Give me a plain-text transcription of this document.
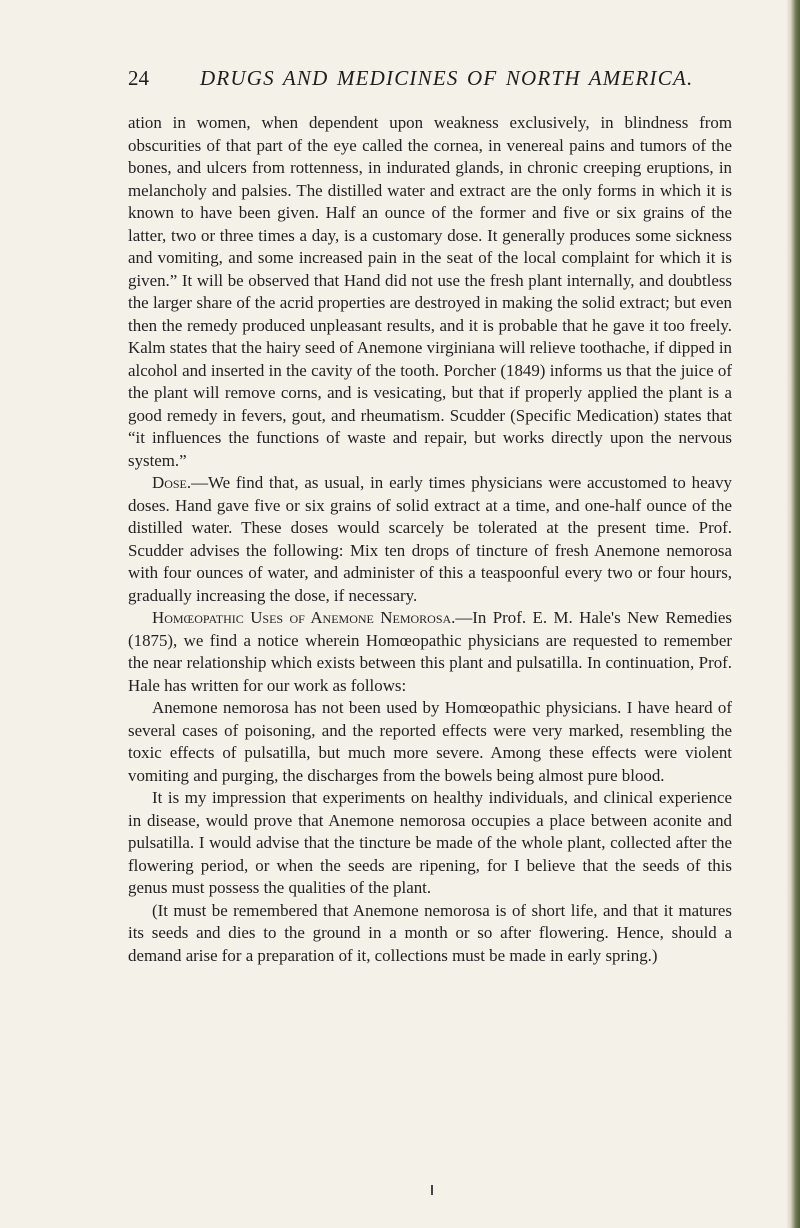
24 DRUGS AND MEDICINES OF NORTH AMERICA.

ation in women, when dependent upon weakness exclusively, in blindness from obscurities of that part of the eye called the cornea, in venereal pains and tumors of the bones, and ulcers from rottenness, in indurated glands, in chronic creeping eruptions, in melancholy and palsies. The distilled water and extract are the only forms in which it is known to have been given. Half an ounce of the former and five or six grains of the latter, two or three times a day, is a customary dose. It generally produces some sickness and vomiting, and some increased pain in the seat of the local complaint for which it is given.” It will be observed that Hand did not use the fresh plant internally, and doubtless the larger share of the acrid properties are destroyed in making the solid extract; but even then the remedy produced unpleasant results, and it is probable that he gave it too freely. Kalm states that the hairy seed of Anemone virginiana will relieve toothache, if dipped in alcohol and inserted in the cavity of the tooth. Porcher (1849) informs us that the juice of the plant will remove corns, and is vesicating, but that if properly applied the plant is a good remedy in fevers, gout, and rheumatism. Scudder (Specific Medication) states that “it influences the functions of waste and repair, but works directly upon the nervous system.”

Dose.—We find that, as usual, in early times physicians were accustomed to heavy doses. Hand gave five or six grains of solid extract at a time, and one-half ounce of the distilled water. These doses would scarcely be tolerated at the present time. Prof. Scudder advises the following: Mix ten drops of tincture of fresh Anemone nemorosa with four ounces of water, and administer of this a teaspoonful every two or four hours, gradually increasing the dose, if necessary.

Homœopathic Uses of Anemone Nemorosa.—In Prof. E. M. Hale's New Remedies (1875), we find a notice wherein Homœopathic physicians are requested to remember the near relationship which exists between this plant and pulsatilla. In continuation, Prof. Hale has written for our work as follows:

Anemone nemorosa has not been used by Homœopathic physicians. I have heard of several cases of poisoning, and the reported effects were very marked, resembling the toxic effects of pulsatilla, but much more severe. Among these effects were violent vomiting and purging, the discharges from the bowels being almost pure blood.

It is my impression that experiments on healthy individuals, and clinical experience in disease, would prove that Anemone nemorosa occupies a place between aconite and pulsatilla. I would advise that the tincture be made of the whole plant, collected after the flowering period, or when the seeds are ripening, for I believe that the seeds of this genus must possess the qualities of the plant.

(It must be remembered that Anemone nemorosa is of short life, and that it matures its seeds and dies to the ground in a month or so after flowering. Hence, should a demand arise for a preparation of it, collections must be made in early spring.)
